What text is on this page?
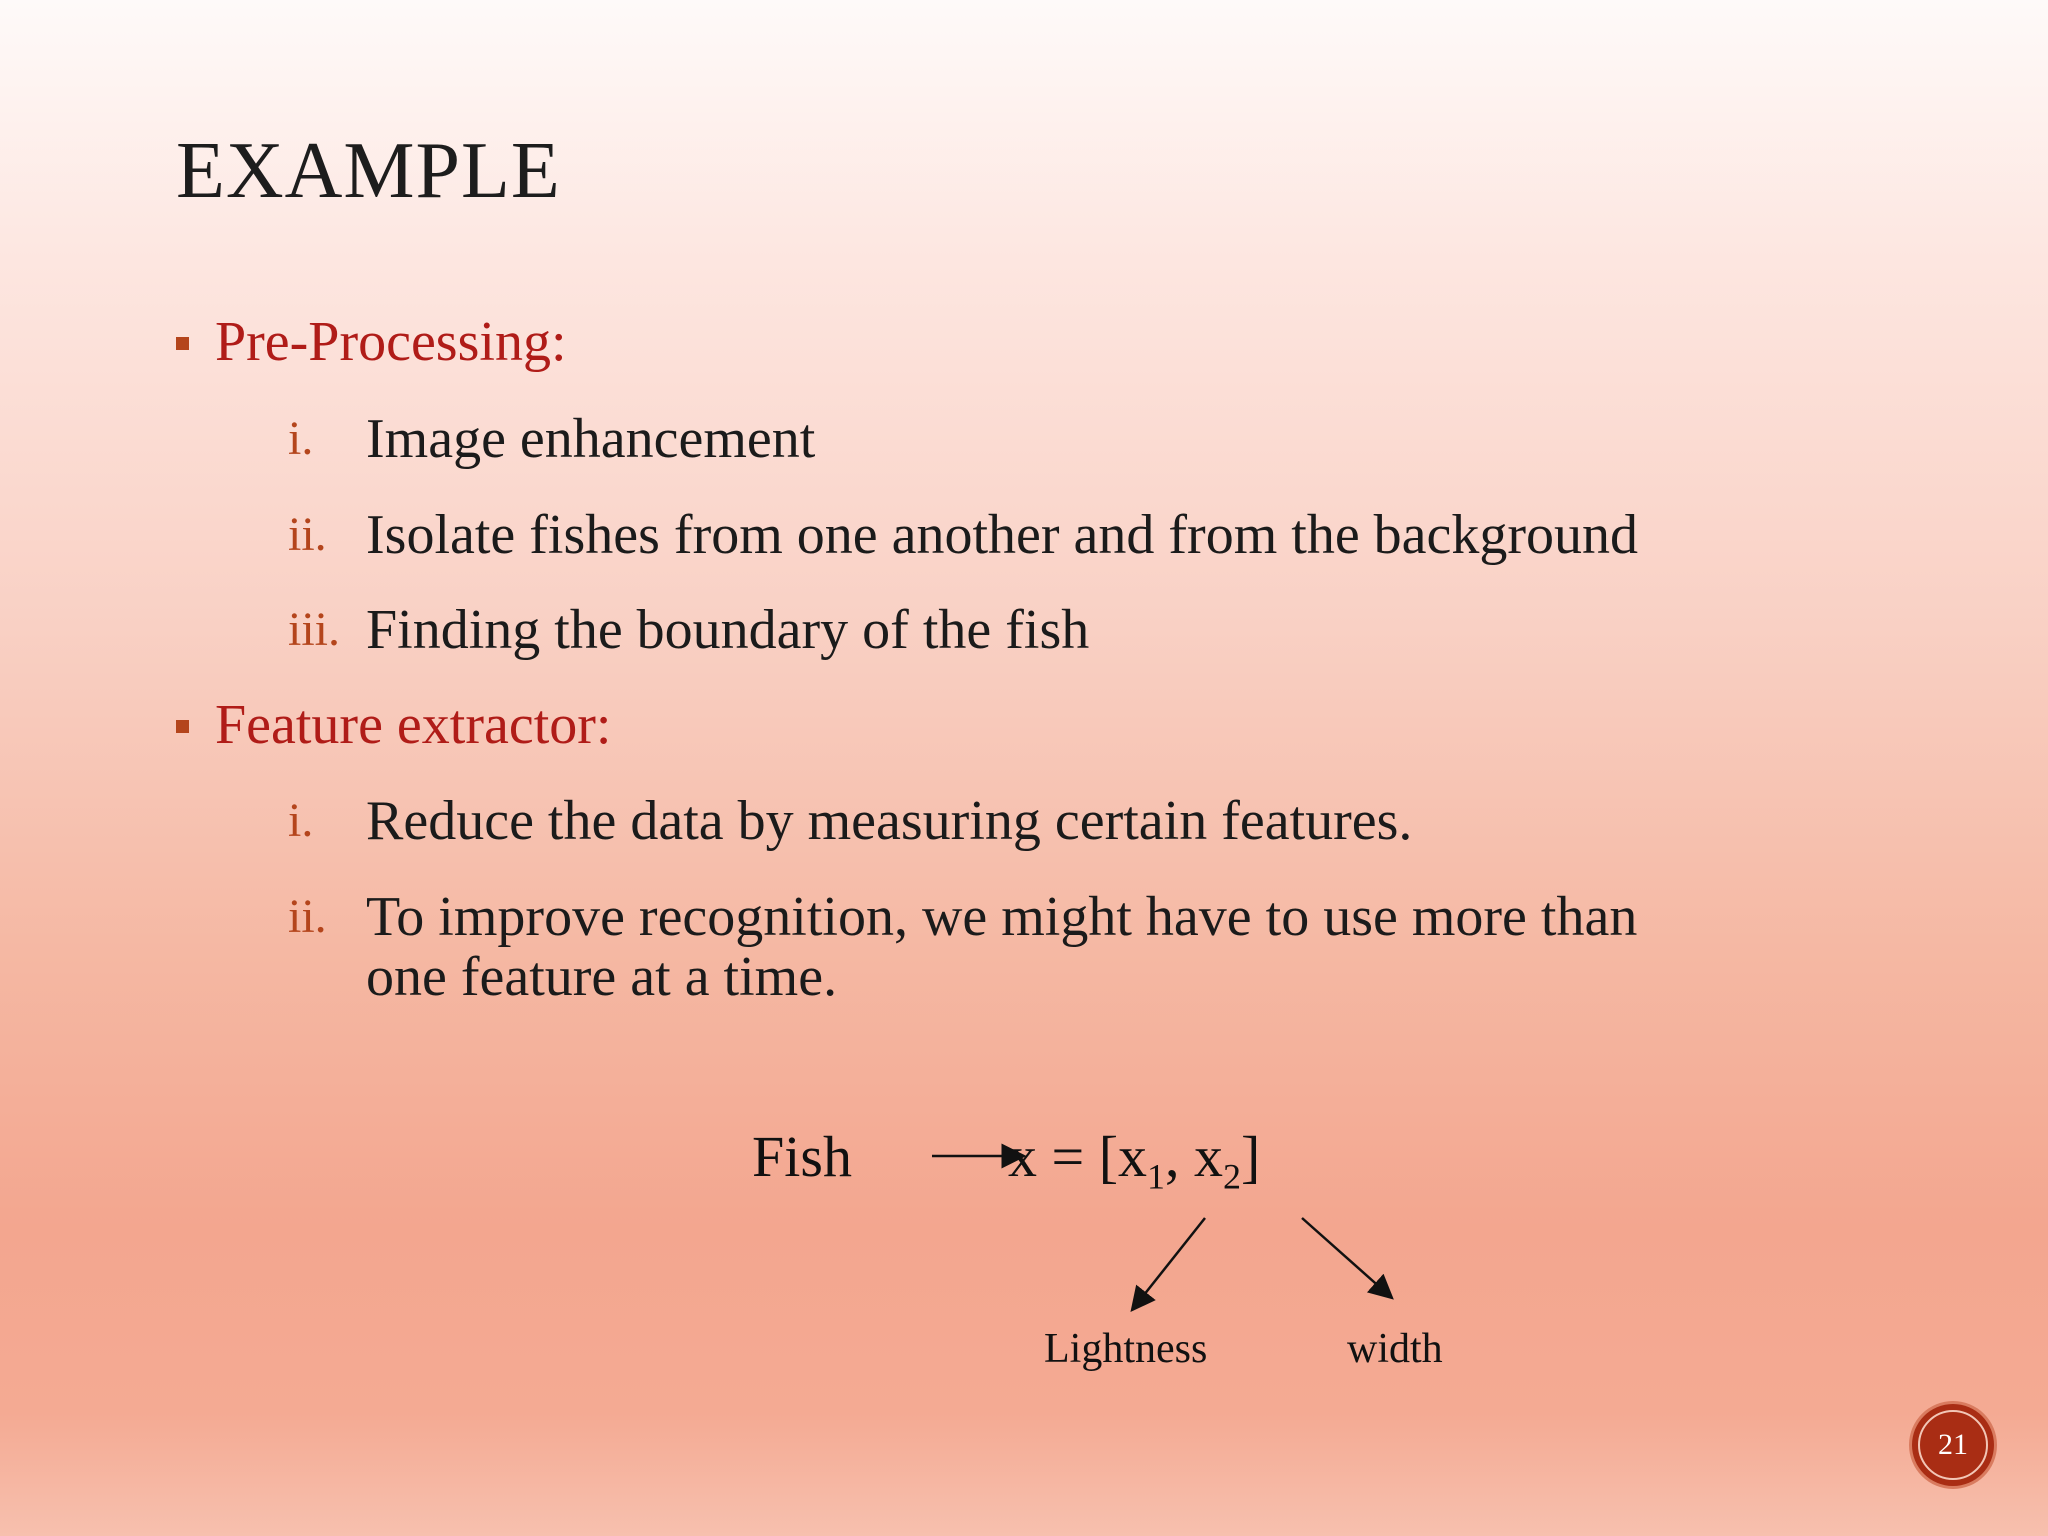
EXAMPLE
Pre-Processing:
i. Image enhancement
ii. Isolate fishes from one another and from the background
iii. Finding the boundary of the fish
Feature extractor:
i. Reduce the data by measuring certain features.
ii. To improve recognition, we might have to use more than
one feature at a time.
Fish	$x = [x_1$, $x_2$]
Lightness	width
21
